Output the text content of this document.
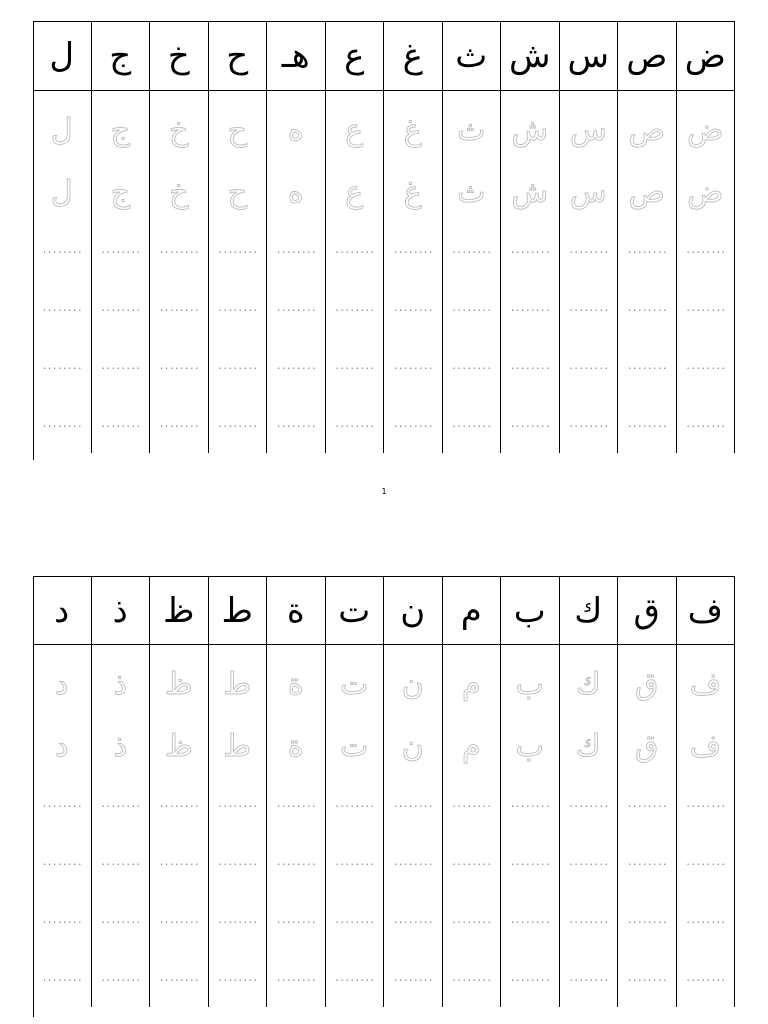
ض
ص
س
ش
ث
غ
ع
هـ
ح
خ
ج
ل
ض
ص
س
ش
ث
غ
ع
ه
ح
خ
ج
ل
ض
ص
س
ش
ث
غ
ع
ه
ح
خ
ج
ل
........
........
........
........
........
........
........
........
........
........
........
........
........
........
........
........
........
........
........
........
........
........
........
........
........
........
........
........
........
........
........
........
........
........
........
........
........
........
........
........
........
........
........
........
........
........
........
........
1
ف
ق
ك
ب
م
ن
ت
ة
ط
ظ
ذ
د
ف
ق
ك
ب
م
ن
ت
ة
ط
ظ
ذ
د
ف
ق
ك
ب
م
ن
ت
ة
ط
ظ
ذ
د
........
........
........
........
........
........
........
........
........
........
........
........
........
........
........
........
........
........
........
........
........
........
........
........
........
........
........
........
........
........
........
........
........
........
........
........
........
........
........
........
........
........
........
........
........
........
........
........
